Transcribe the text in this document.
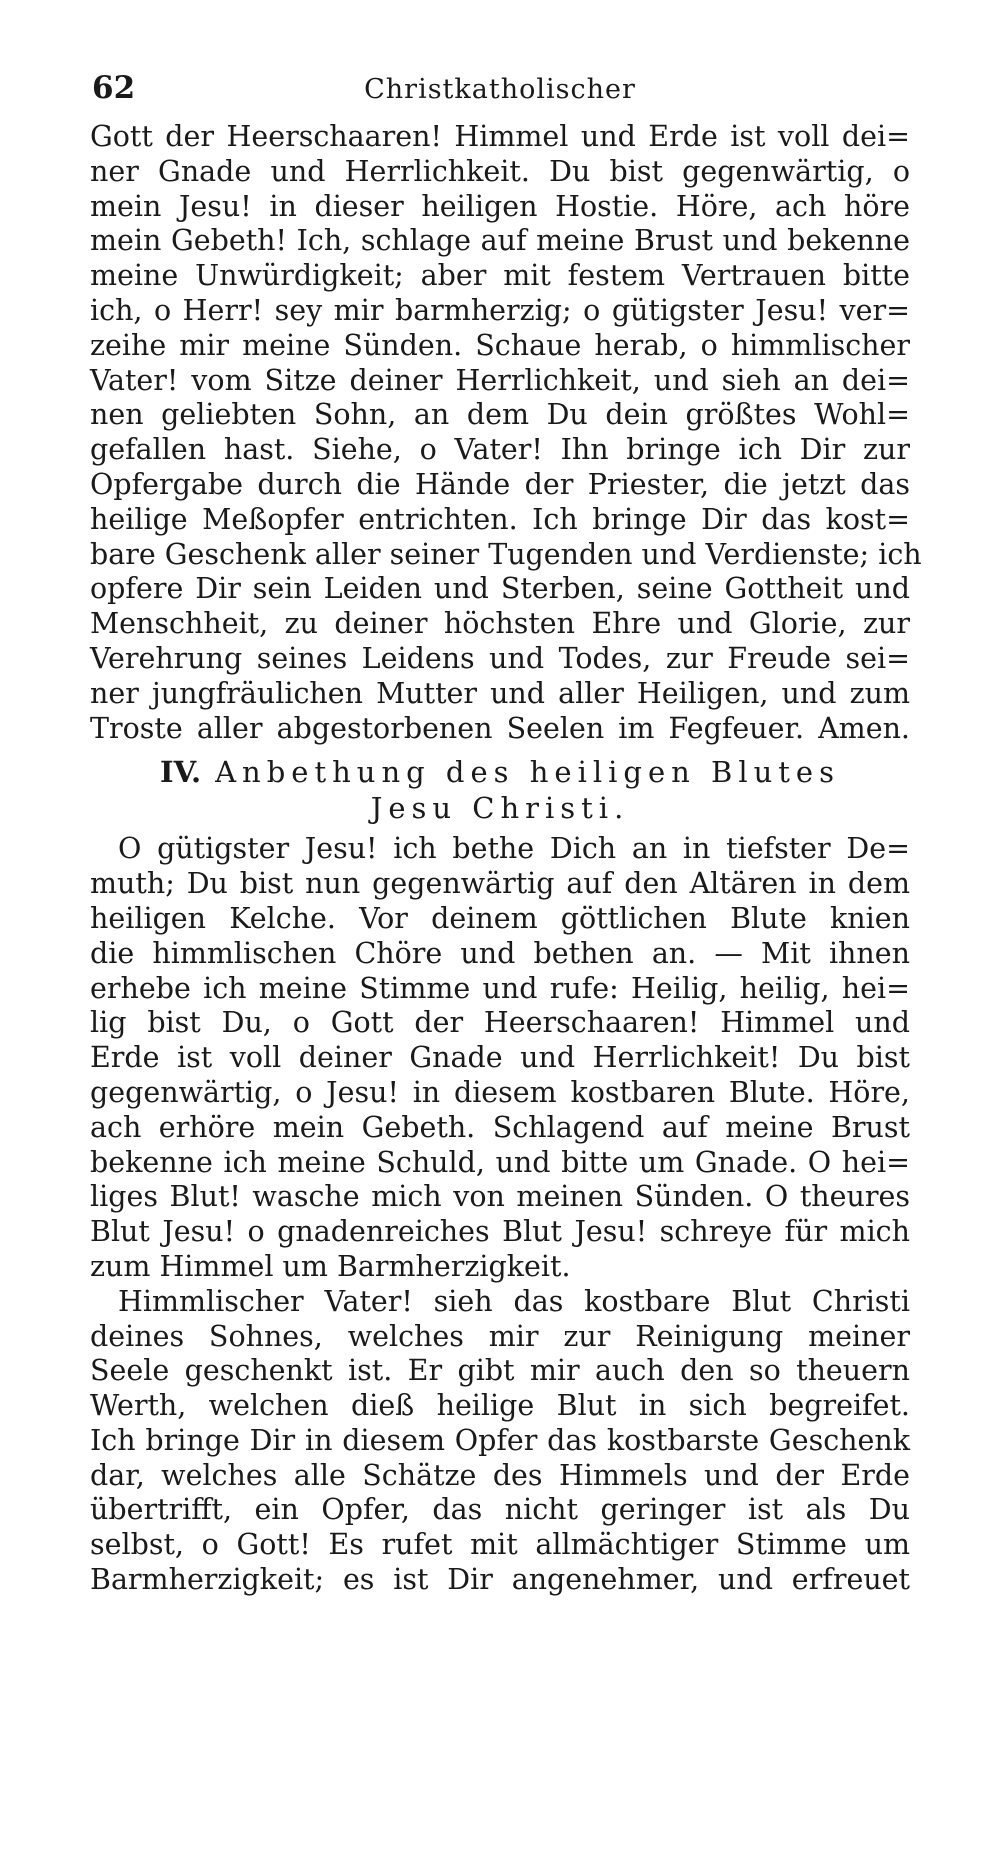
62	Christkatholischer
Gott der Heerschaaren! Himmel und Erde ist voll dei=
ner Gnade und Herrlichkeit. Du bist gegenwärtig, o
mein Jesu! in dieser heiligen Hostie. Höre, ach höre
mein Gebeth! Ich, schlage auf meine Brust und bekenne
meine Unwürdigkeit; aber mit festem Vertrauen bitte
ich, o Herr! sey mir barmherzig; o gütigster Jesu! ver=
zeihe mir meine Sünden. Schaue herab, o himmlischer
Vater! vom Sitze deiner Herrlichkeit, und sieh an dei=
nen geliebten Sohn, an dem Du dein größtes Wohl=
gefallen hast. Siehe, o Vater! Ihn bringe ich Dir zur
Opfergabe durch die Hände der Priester, die jetzt das
heilige Meßopfer entrichten. Ich bringe Dir das kost=
bare Geschenk aller seiner Tugenden und Verdienste; ich
opfere Dir sein Leiden und Sterben, seine Gottheit und
Menschheit, zu deiner höchsten Ehre und Glorie, zur
Verehrung seines Leidens und Todes, zur Freude sei=
ner jungfräulichen Mutter und aller Heiligen, und zum
Troste aller abgestorbenen Seelen im Fegfeuer. Amen.
IV. Anbethung des heiligen Blutes
Jesu Christi.
O gütigster Jesu! ich bethe Dich an in tiefster De=
muth; Du bist nun gegenwärtig auf den Altären in dem
heiligen Kelche. Vor deinem göttlichen Blute knien
die himmlischen Chöre und bethen an. — Mit ihnen
erhebe ich meine Stimme und rufe: Heilig, heilig, hei=
lig bist Du, o Gott der Heerschaaren! Himmel und
Erde ist voll deiner Gnade und Herrlichkeit! Du bist
gegenwärtig, o Jesu! in diesem kostbaren Blute. Höre,
ach erhöre mein Gebeth. Schlagend auf meine Brust
bekenne ich meine Schuld, und bitte um Gnade. O hei=
liges Blut! wasche mich von meinen Sünden. O theures
Blut Jesu! o gnadenreiches Blut Jesu! schreye für mich
zum Himmel um Barmherzigkeit.
Himmlischer Vater! sieh das kostbare Blut Christi
deines Sohnes, welches mir zur Reinigung meiner
Seele geschenkt ist. Er gibt mir auch den so theuern
Werth, welchen dieß heilige Blut in sich begreifet.
Ich bringe Dir in diesem Opfer das kostbarste Geschenk
dar, welches alle Schätze des Himmels und der Erde
übertrifft, ein Opfer, das nicht geringer ist als Du
selbst, o Gott! Es rufet mit allmächtiger Stimme um
Barmherzigkeit; es ist Dir angenehmer, und erfreuet
